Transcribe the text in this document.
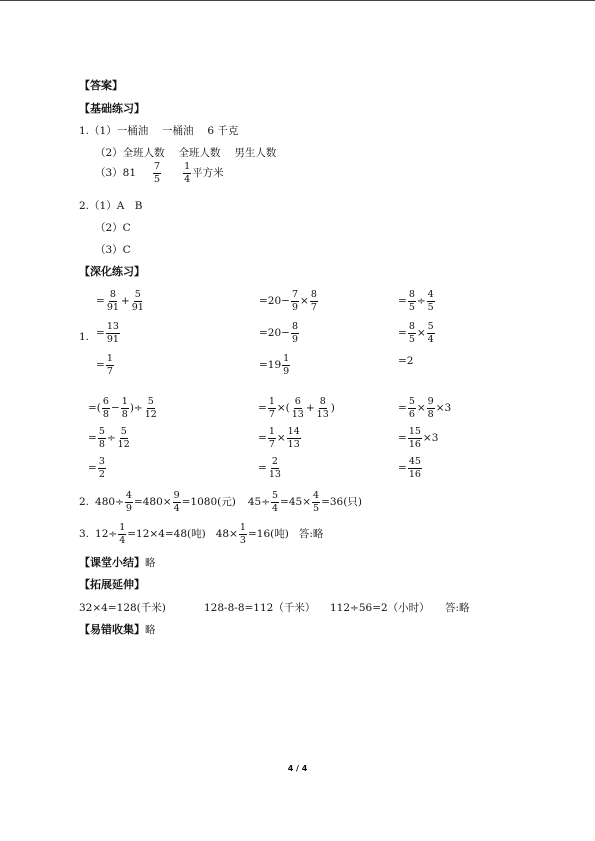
【答案】
【基础练习】
1.（1）一桶油　 一桶油　 6 千克
（2）全班人数　 全班人数　 男生人数
$(3)81 \frac{7}{5} \frac{1}{4}$ 平方米
2.（1）A　B
（2）C
（3）C
【深化练习】
1.
= $\frac{8}{91} + \frac{5}{91}$
= $\frac{13}{91}$
= $\frac{1}{7}$
$=20- \frac{7}{9} \times \frac{8}{7}$
$=20- \frac{8}{9}$
$=19 \frac{1}{9}$
= $\frac{8}{5} \div \frac{4}{5}$
= $\frac{8}{5} \times \frac{5}{4}$
=2
=( $\frac{6}{8} - \frac{1}{8}$ )÷ $\frac{5}{12}$
= $\frac{5}{8} \div \frac{5}{12}$
= $\frac{3}{2}$
= $\frac{1}{7}$ ×( $\frac{6}{13} + \frac{8}{13}$ )
= $\frac{1}{7} \times \frac{14}{13}$
= $\frac{2}{13}$
= $\frac{5}{6} \times \frac{9}{8} \times 3$
= $\frac{15}{16} \times 3$
= $\frac{45}{16}$
2. $480\div \frac{4}{9} =480\times \frac{9}{4} =1080$(元) $45\div \frac{5}{4} =45\times \frac{4}{5} =36$(只)
3. $12\div \frac{1}{4} =12\times 4=48$(吨) $48\times \frac{1}{3} =16$(吨) 答:略
【课堂小结】略
【拓展延伸】
32×4=128(千米)	128-8-8=112（千米） 112÷56=2（小时） 答:略
【易错收集】略
4 / 4
